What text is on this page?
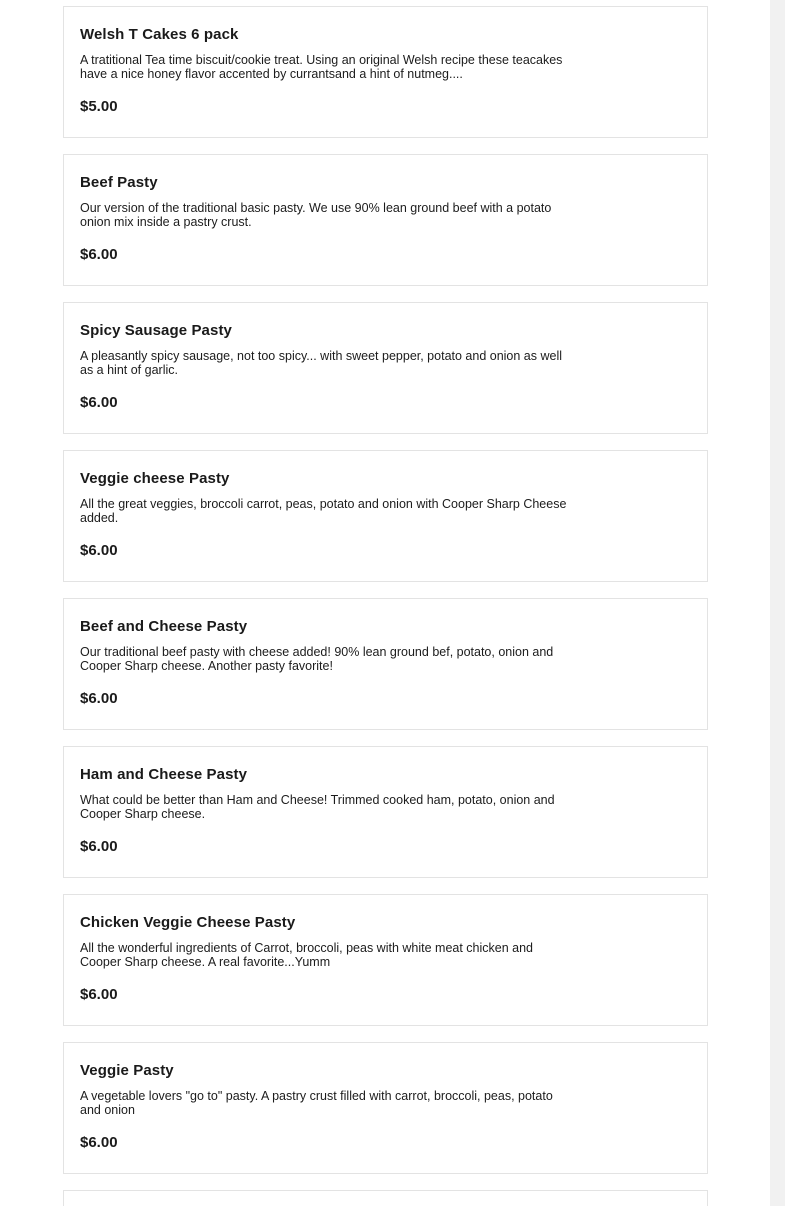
Welsh T Cakes 6 pack
A tratitional Tea time biscuit/cookie treat. Using an original Welsh recipe these teacakes have a nice honey flavor accented by currantsand a hint of nutmeg....
$5.00
Beef Pasty
Our version of the traditional basic pasty. We use 90% lean ground beef with a potato onion mix inside a pastry crust.
$6.00
Spicy Sausage Pasty
A pleasantly spicy sausage, not too spicy... with sweet pepper, potato and onion as well as a hint of garlic.
$6.00
Veggie cheese Pasty
All the great veggies, broccoli carrot, peas, potato and onion with Cooper Sharp Cheese added.
$6.00
Beef and Cheese Pasty
Our traditional beef pasty with cheese added! 90% lean ground bef, potato, onion and Cooper Sharp cheese. Another pasty favorite!
$6.00
Ham and Cheese Pasty
What could be better than Ham and Cheese! Trimmed cooked ham, potato, onion and Cooper Sharp cheese.
$6.00
Chicken Veggie Cheese Pasty
All the wonderful ingredients of Carrot, broccoli, peas with white meat chicken and Cooper Sharp cheese. A real favorite...Yumm
$6.00
Veggie Pasty
A vegetable lovers "go to" pasty. A pastry crust filled with carrot, broccoli, peas, potato and onion
$6.00
